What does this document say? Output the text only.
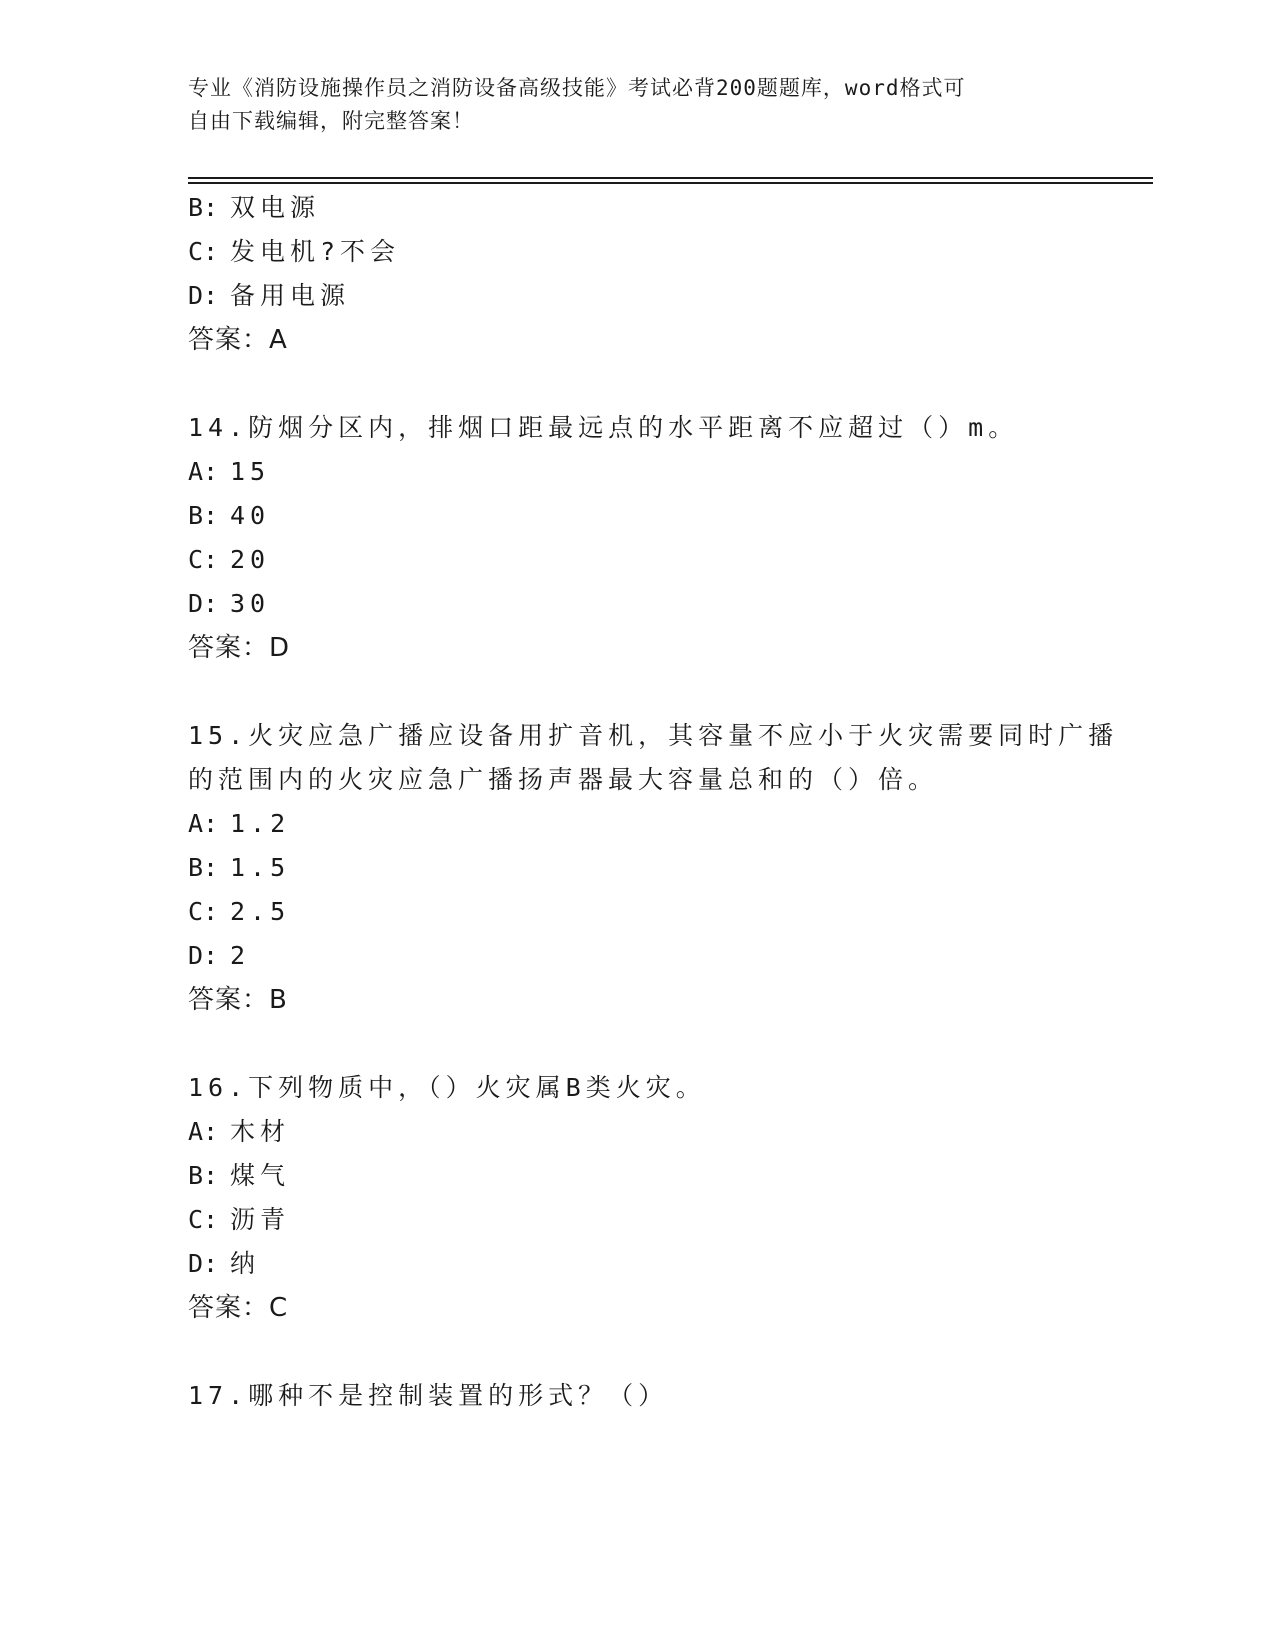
专业《消防设施操作员之消防设备高级技能》考试必背200题题库，word格式可
自由下载编辑，附完整答案！
B: 双电源
C: 发电机?不会
D: 备用电源
答案：A
14.防烟分区内，排烟口距最远点的水平距离不应超过（）m。
A: 15
B: 40
C: 20
D: 30
答案：D
15.火灾应急广播应设备用扩音机，其容量不应小于火灾需要同时广播
的范围内的火灾应急广播扬声器最大容量总和的（）倍。
A: 1.2
B: 1.5
C: 2.5
D: 2
答案：B
16.下列物质中，（）火灾属B类火灾。
A: 木材
B: 煤气
C: 沥青
D: 纳
答案：C
17.哪种不是控制装置的形式？（）
